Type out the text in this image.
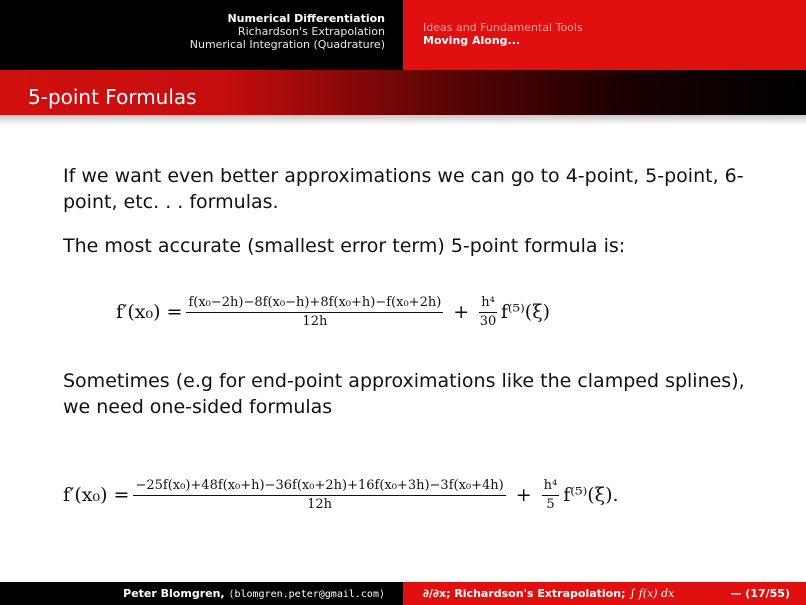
Numerical Differentiation
Richardson's Extrapolation
Numerical Integration (Quadrature)
Ideas and Fundamental Tools
Moving Along...
5-point Formulas
If we want even better approximations we can go to 4-point, 5-point, 6-point, etc. . . formulas.
The most accurate (smallest error term) 5-point formula is:
$f'(x_0) = \frac{\text{f(x₀−2h)−8f(x₀−h)+8f(x₀+h)−f(x₀+2h)}}{12h} + \frac{\text{h⁴}}{30} f^{(5)}(\xi)$
Sometimes (e.g for end-point approximations like the clamped splines), we need one-sided formulas
$f'(x_0) = \frac{\text{−25f(x₀)+48f(x₀+h)−36f(x₀+2h)+16f(x₀+3h)−3f(x₀+4h)}}{12h} + \frac{\text{h⁴}}{5} f^{(5)}(\xi)$.
Peter Blomgren, ⟨blomgren.peter@gmail.com⟩	∂/∂x ; Richardson's Extrapolation; ∫ f(x) dx	— (17/55)
